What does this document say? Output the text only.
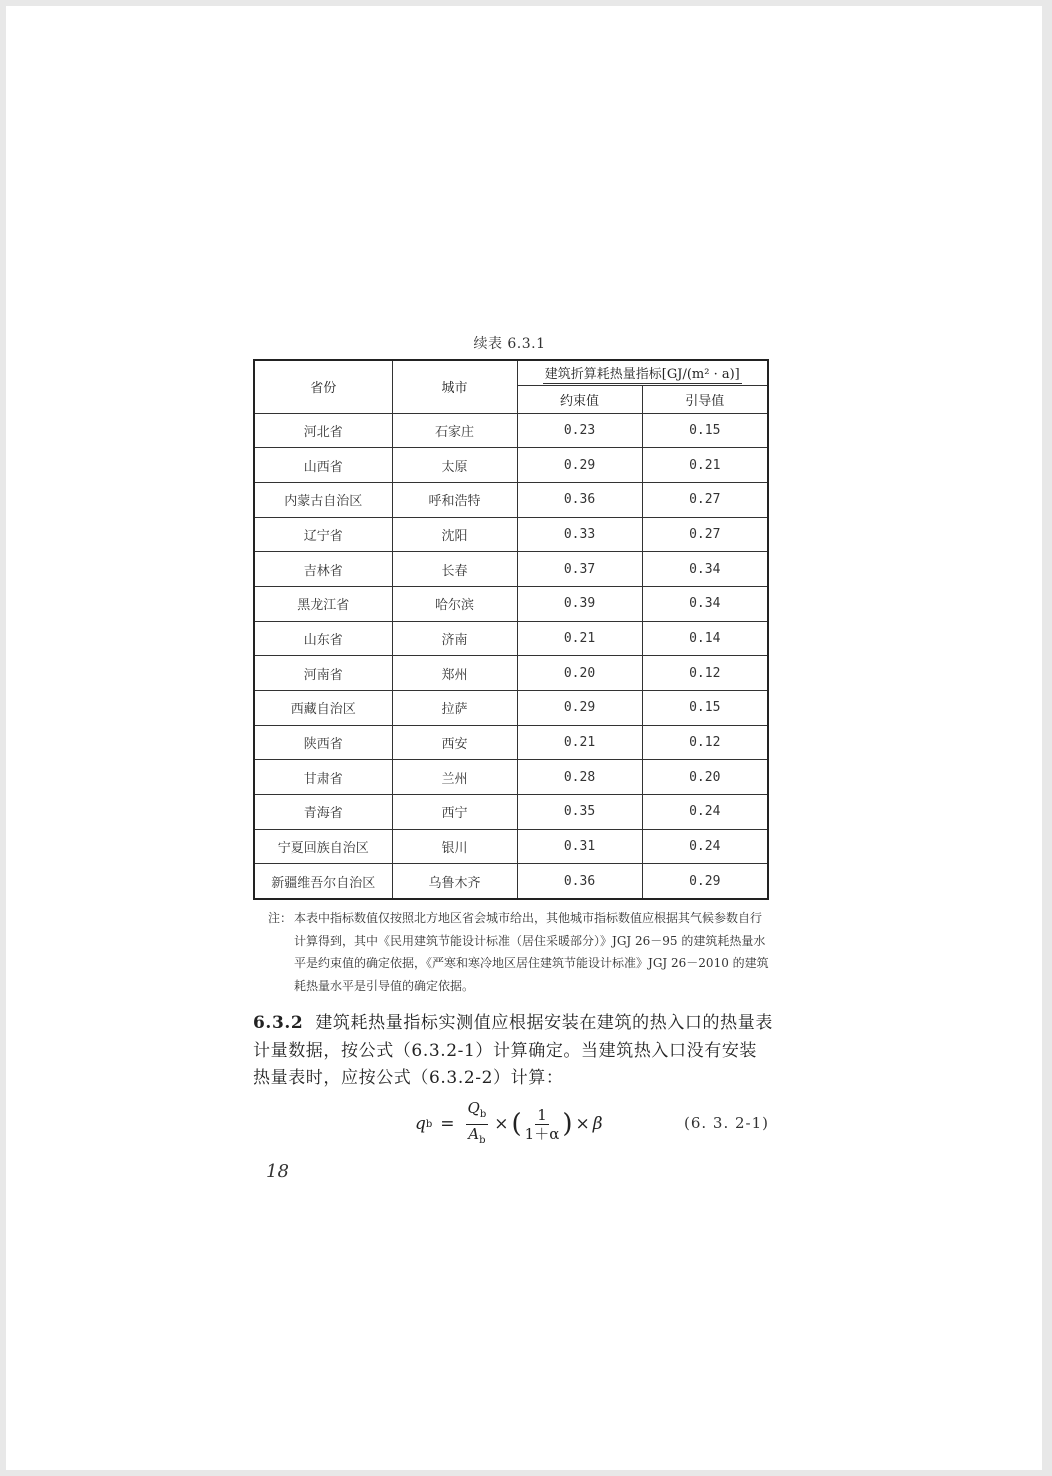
续表 6.3.1
省份	城市	建筑折算耗热量指标[GJ/(m² · a)]	
		约束值	引导值
河北省	石家庄	0.23	0.15
山西省	太原	0.29	0.21
内蒙古自治区	呼和浩特	0.36	0.27
辽宁省	沈阳	0.33	0.27
吉林省	长春	0.37	0.34
黑龙江省	哈尔滨	0.39	0.34
山东省	济南	0.21	0.14
河南省	郑州	0.20	0.12
西藏自治区	拉萨	0.29	0.15
陕西省	西安	0.21	0.12
甘肃省	兰州	0.28	0.20
青海省	西宁	0.35	0.24
宁夏回族自治区	银川	0.31	0.24
新疆维吾尔自治区	乌鲁木齐	0.36	0.29
注： 本表中指标数值仅按照北方地区省会城市给出，其他城市指标数值应根据其气候参数自行计算得到，其中《民用建筑节能设计标准（居住采暖部分）》JGJ 26－95 的建筑耗热量水平是约束值的确定依据，《严寒和寒冷地区居住建筑节能设计标准》JGJ 26－2010 的建筑耗热量水平是引导值的确定依据。
6.3.2 建筑耗热量指标实测值应根据安装在建筑的热入口的热量表计量数据，按公式（6.3.2-1）计算确定。当建筑热入口没有安装热量表时，应按公式（6.3.2-2）计算：
q $b = \frac{Q_b}{A_b}$ × ( $\frac{1}{1+\alpha}$ ) × β	(6. 3. 2-1)
18
